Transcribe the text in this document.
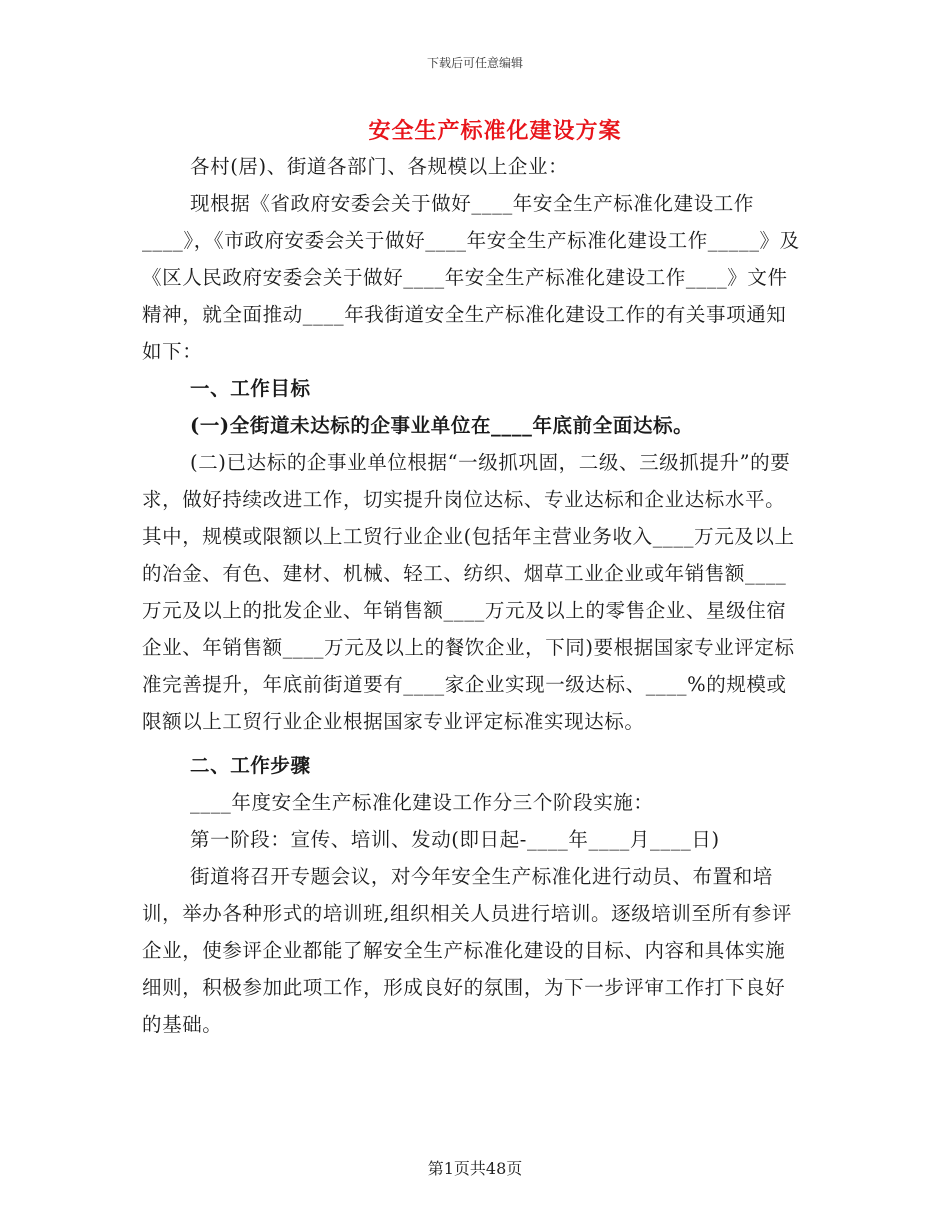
下载后可任意编辑
安全生产标准化建设方案

各村(居)、街道各部门、各规模以上企业：

现根据《省政府安委会关于做好____年安全生产标准化建设工作____》，《市政府安委会关于做好____年安全生产标准化建设工作_____》及《区人民政府安委会关于做好____年安全生产标准化建设工作____》文件精神，就全面推动____年我街道安全生产标准化建设工作的有关事项通知如下：

一、工作目标

(一)全街道未达标的企事业单位在____年底前全面达标。

(二)已达标的企事业单位根据“一级抓巩固，二级、三级抓提升”的要求，做好持续改进工作，切实提升岗位达标、专业达标和企业达标水平。其中，规模或限额以上工贸行业企业(包括年主营业务收入____万元及以上的冶金、有色、建材、机械、轻工、纺织、烟草工业企业或年销售额____万元及以上的批发企业、年销售额____万元及以上的零售企业、星级住宿企业、年销售额____万元及以上的餐饮企业，下同)要根据国家专业评定标准完善提升，年底前街道要有____家企业实现一级达标、____%的规模或限额以上工贸行业企业根据国家专业评定标准实现达标。

二、工作步骤

____年度安全生产标准化建设工作分三个阶段实施：

第一阶段：宣传、培训、发动(即日起-____年____月____日)

街道将召开专题会议，对今年安全生产标准化进行动员、布置和培训，举办各种形式的培训班,组织相关人员进行培训。逐级培训至所有参评企业，使参评企业都能了解安全生产标准化建设的目标、内容和具体实施细则，积极参加此项工作，形成良好的氛围，为下一步评审工作打下良好的基础。

第1页共48页
